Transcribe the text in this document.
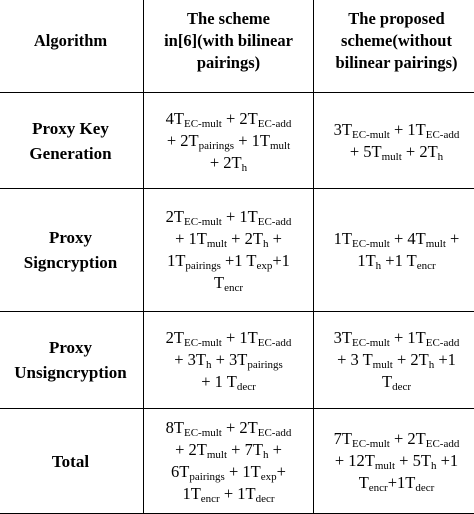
Algorithm	The scheme
in[6](with bilinear
pairings)	The proposed
scheme(without
bilinear pairings)

Proxy Key
Generation	$4T_{EC-mult} + 2T_{EC-add}$
+ $2T_{pairings} + 1T_{mult}$
+ $2T_h$	$3T_{EC-mult} + 1T_{EC-add}$
+ $5T_{mult} + 2T_h$

Proxy
Signcryption	$2T_{EC-mult} + 1T_{EC-add}$
+ $1T_{mult} + 2T_h$ +
$1T_{pairings} +1$ $T_{exp}+1$
$T_{encr}$	$1T_{EC-mult} + 4T_{mult}$ +
$1T_h +1$ $T_{encr}$

Proxy
Unsigncryption	$2T_{EC-mult} + 1T_{EC-add}$
+ $3T_h + 3T_{pairings}$
+ 1 $T_{decr}$	$3T_{EC-mult} + 1T_{EC-add}$
+ 3 $T_{mult} + 2T_h +1$
$T_{decr}$

Total	$8T_{EC-mult} + 2T_{EC-add}$
+ $2T_{mult} + 7T_h$ +
$6T_{pairings} + 1T_{exp}+$
$1T_{encr} + 1T_{decr}$	$7T_{EC-mult} + 2T_{EC-add}$
+ $12T_{mult} + 5T_h +1$
$T_{encr}+1T_{decr}$
